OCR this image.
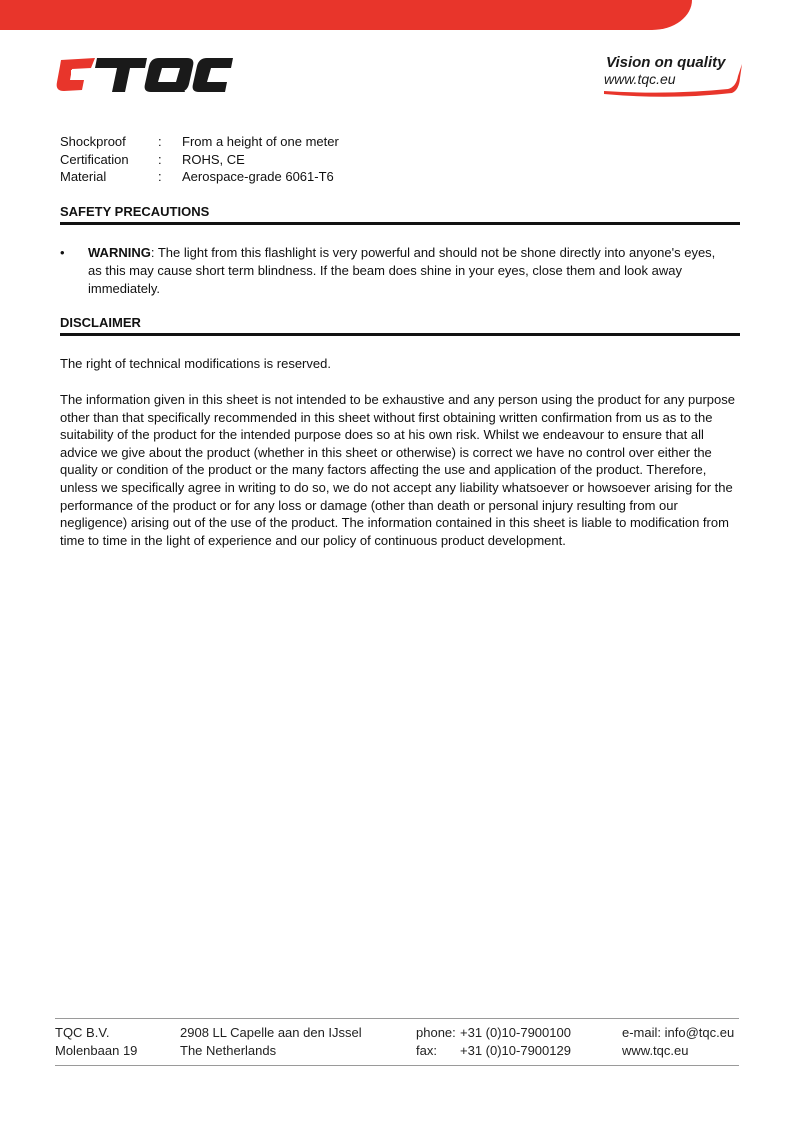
Vision on quality
www.tqc.eu
Shockproof	:	From a height of one meter
Certification	:	ROHS, CE
Material	:	Aerospace-grade 6061-T6
SAFETY PRECAUTIONS
• WARNING: The light from this flashlight is very powerful and should not be shone directly into anyone's eyes, as this may cause short term blindness. If the beam does shine in your eyes, close them and look away immediately.
DISCLAIMER
The right of technical modifications is reserved.
The information given in this sheet is not intended to be exhaustive and any person using the product for any purpose other than that specifically recommended in this sheet without first obtaining written confirmation from us as to the suitability of the product for the intended purpose does so at his own risk. Whilst we endeavour to ensure that all advice we give about the product (whether in this sheet or otherwise) is correct we have no control over either the quality or condition of the product or the many factors affecting the use and application of the product. Therefore, unless we specifically agree in writing to do so, we do not accept any liability whatsoever or howsoever arising for the performance of the product or for any loss or damage (other than death or personal injury resulting from our negligence) arising out of the use of the product. The information contained in this sheet is liable to modification from time to time in the light of experience and our policy of continuous product development.
TQC B.V.
Molenbaan 19
2908 LL Capelle aan den IJssel
The Netherlands
phone: +31 (0)10-7900100
fax: +31 (0)10-7900129
e-mail: info@tqc.eu
www.tqc.eu
